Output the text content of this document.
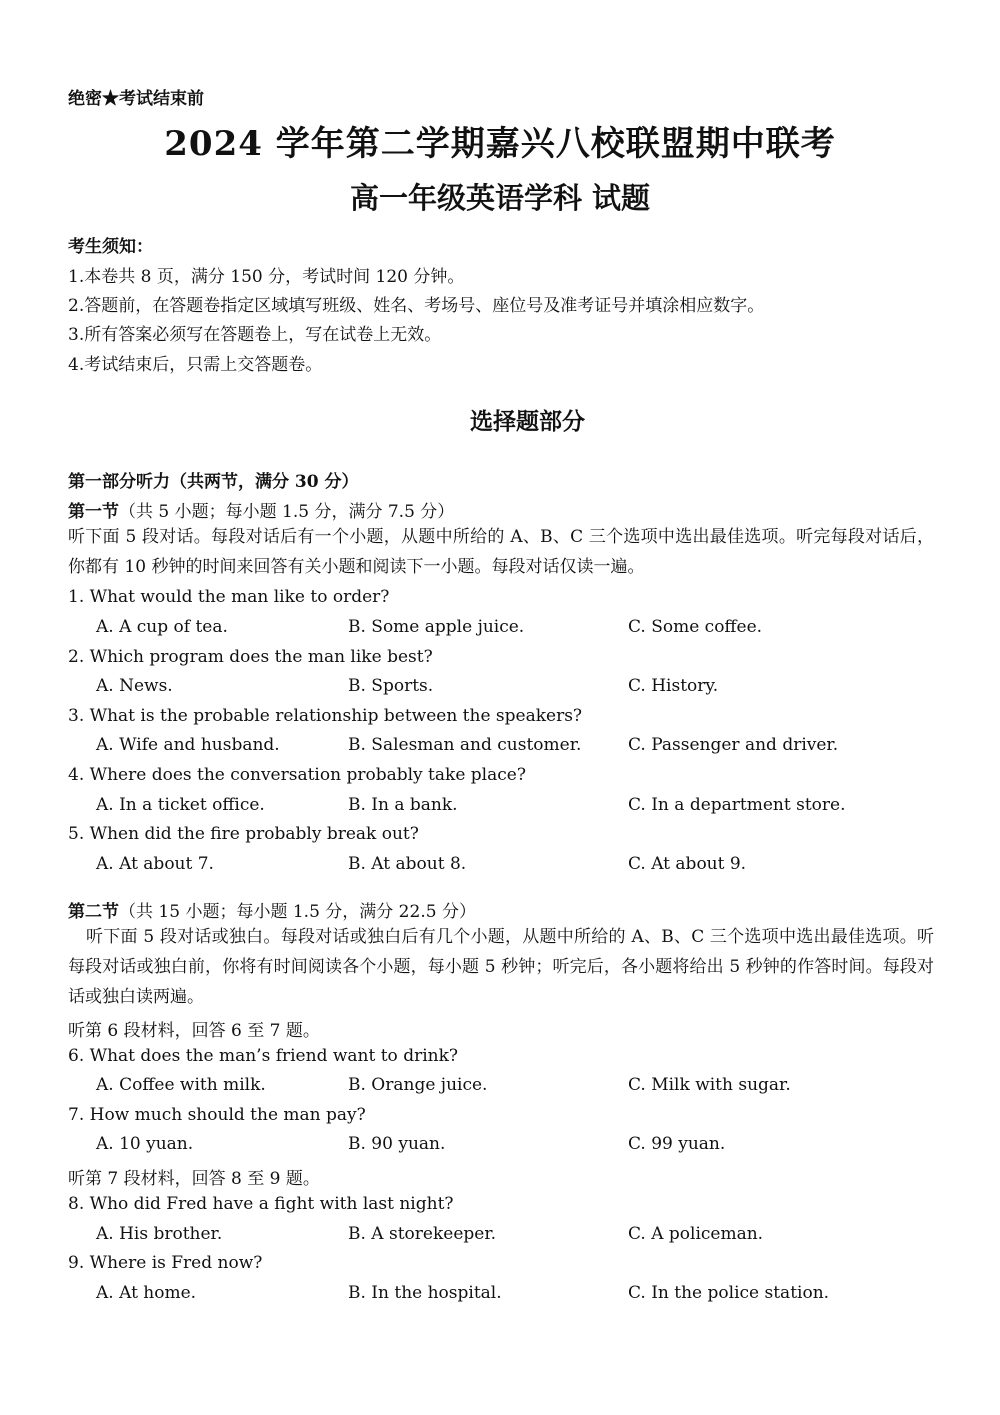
绝密★考试结束前
2024 学年第二学期嘉兴八校联盟期中联考
高一年级英语学科 试题
考生须知：
1.本卷共 8 页，满分 150 分，考试时间 120 分钟。
2.答题前，在答题卷指定区域填写班级、姓名、考场号、座位号及准考证号并填涂相应数字。
3.所有答案必须写在答题卷上，写在试卷上无效。
4.考试结束后，只需上交答题卷。
选择题部分
第一部分听力（共两节，满分 30 分）
第一节（共 5 小题；每小题 1.5 分，满分 7.5 分）
听下面 5 段对话。每段对话后有一个小题，从题中所给的 A、B、C 三个选项中选出最佳选项。听完每段对话后，你都有 10 秒钟的时间来回答有关小题和阅读下一小题。每段对话仅读一遍。
1. What would the man like to order?
A. A cup of tea.	B. Some apple juice.	C. Some coffee.
2. Which program does the man like best?
A. News.	B. Sports.	C. History.
3. What is the probable relationship between the speakers?
A. Wife and husband.	B. Salesman and customer.	C. Passenger and driver.
4. Where does the conversation probably take place?
A. In a ticket office.	B. In a bank.	C. In a department store.
5. When did the fire probably break out?
A. At about 7.	B. At about 8.	C. At about 9.
第二节（共 15 小题；每小题 1.5 分，满分 22.5 分）
听下面 5 段对话或独白。每段对话或独白后有几个小题，从题中所给的 A、B、C 三个选项中选出最佳选项。听每段对话或独白前，你将有时间阅读各个小题，每小题 5 秒钟；听完后，各小题将给出 5 秒钟的作答时间。每段对话或独白读两遍。
听第 6 段材料，回答 6 至 7 题。
6. What does the man’s friend want to drink?
A. Coffee with milk.	B. Orange juice.	C. Milk with sugar.
7. How much should the man pay?
A. 10 yuan.	B. 90 yuan.	C. 99 yuan.
听第 7 段材料，回答 8 至 9 题。
8. Who did Fred have a fight with last night?
A. His brother.	B. A storekeeper.	C. A policeman.
9. Where is Fred now?
A. At home.	B. In the hospital.	C. In the police station.
